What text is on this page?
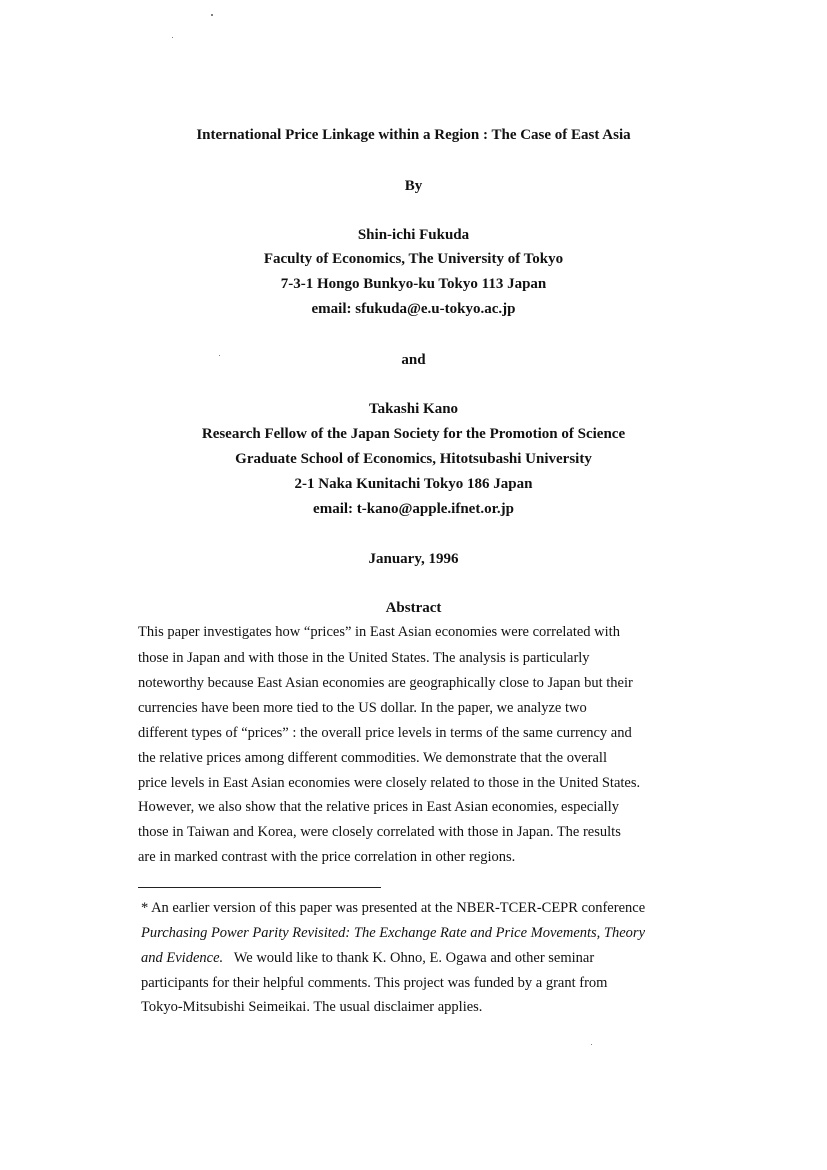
International Price Linkage within a Region : The Case of East Asia
By
Shin-ichi Fukuda
Faculty of Economics, The University of Tokyo
7-3-1 Hongo Bunkyo-ku Tokyo 113 Japan
email: sfukuda@e.u-tokyo.ac.jp
and
Takashi Kano
Research Fellow of the Japan Society for the Promotion of Science
Graduate School of Economics, Hitotsubashi University
2-1 Naka Kunitachi Tokyo 186 Japan
email: t-kano@apple.ifnet.or.jp
January, 1996
Abstract
This paper investigates how “prices” in East Asian economies were correlated with
those in Japan and with those in the United States. The analysis is particularly
noteworthy because East Asian economies are geographically close to Japan but their
currencies have been more tied to the US dollar. In the paper, we analyze two
different types of “prices” : the overall price levels in terms of the same currency and
the relative prices among different commodities. We demonstrate that the overall
price levels in East Asian economies were closely related to those in the United States.
However, we also show that the relative prices in East Asian economies, especially
those in Taiwan and Korea, were closely correlated with those in Japan. The results
are in marked contrast with the price correlation in other regions.
* An earlier version of this paper was presented at the NBER-TCER-CEPR conference
Purchasing Power Parity Revisited: The Exchange Rate and Price Movements, Theory
and Evidence.   We would like to thank K. Ohno, E. Ogawa and other seminar
participants for their helpful comments. This project was funded by a grant from
Tokyo-Mitsubishi Seimeikai. The usual disclaimer applies.
